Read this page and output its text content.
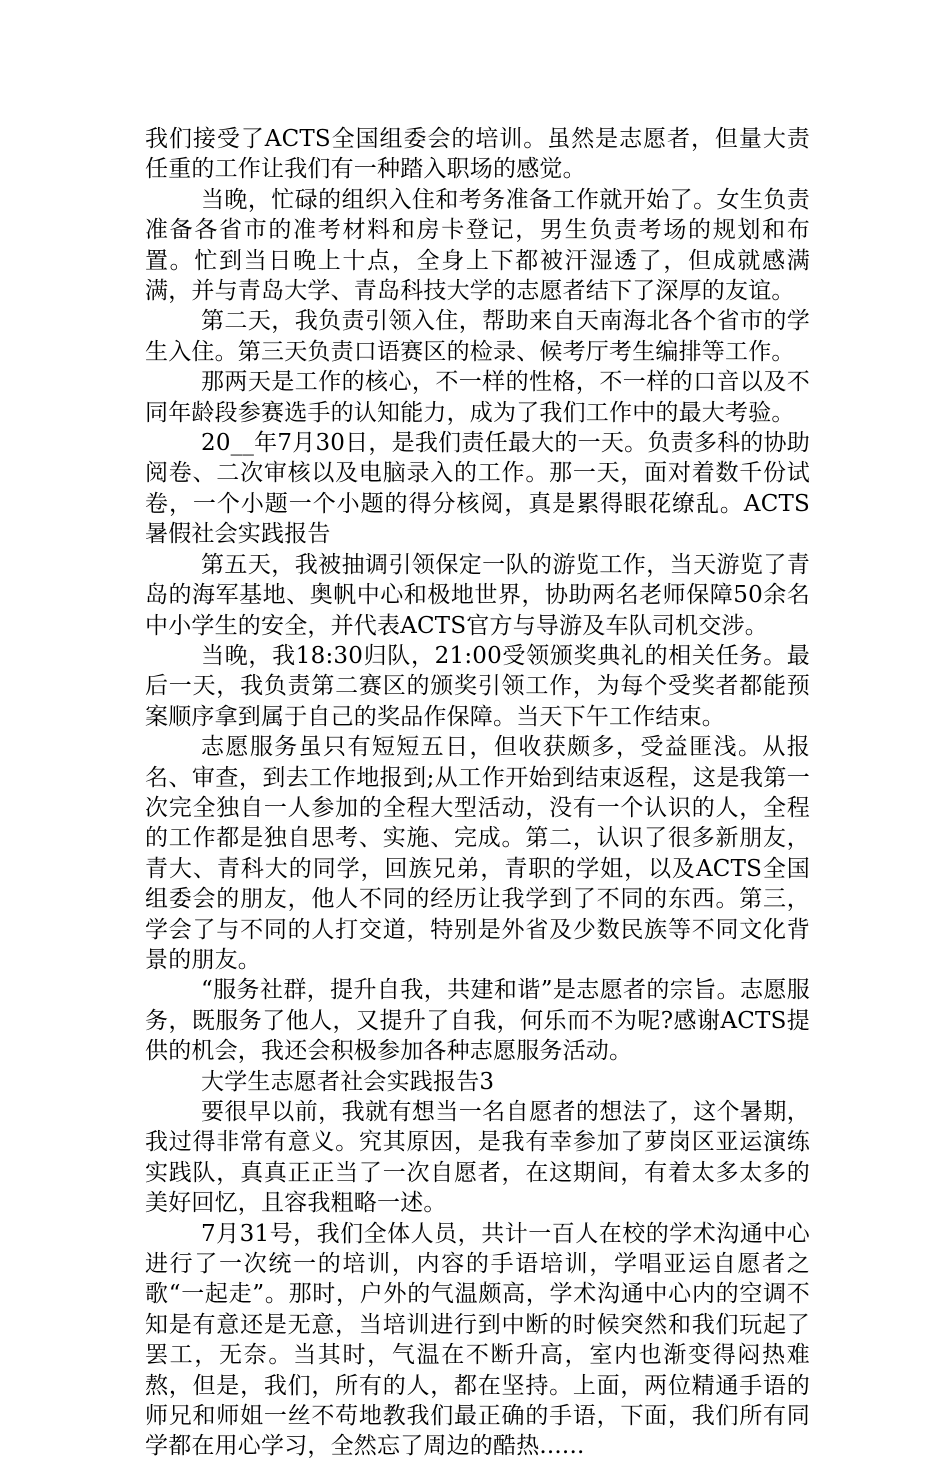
我们接受了ACTS全国组委会的培训。虽然是志愿者，但量大责任重的工作让我们有一种踏入职场的感觉。

当晚，忙碌的组织入住和考务准备工作就开始了。女生负责准备各省市的准考材料和房卡登记，男生负责考场的规划和布置。忙到当日晚上十点，全身上下都被汗湿透了，但成就感满满，并与青岛大学、青岛科技大学的志愿者结下了深厚的友谊。

第二天，我负责引领入住，帮助来自天南海北各个省市的学生入住。第三天负责口语赛区的检录、候考厅考生编排等工作。

那两天是工作的核心，不一样的性格，不一样的口音以及不同年龄段参赛选手的认知能力，成为了我们工作中的最大考验。

20__年7月30日，是我们责任最大的一天。负责多科的协助阅卷、二次审核以及电脑录入的工作。那一天，面对着数千份试卷，一个小题一个小题的得分核阅，真是累得眼花缭乱。ACTS暑假社会实践报告

第五天，我被抽调引领保定一队的游览工作，当天游览了青岛的海军基地、奥帆中心和极地世界，协助两名老师保障50余名中小学生的安全，并代表ACTS官方与导游及车队司机交涉。

当晚，我18:30归队，21:00受领颁奖典礼的相关任务。最后一天，我负责第二赛区的颁奖引领工作，为每个受奖者都能预案顺序拿到属于自己的奖品作保障。当天下午工作结束。

志愿服务虽只有短短五日，但收获颇多，受益匪浅。从报名、审查，到去工作地报到;从工作开始到结束返程，这是我第一次完全独自一人参加的全程大型活动，没有一个认识的人，全程的工作都是独自思考、实施、完成。第二，认识了很多新朋友，青大、青科大的同学，回族兄弟，青职的学姐，以及ACTS全国组委会的朋友，他人不同的经历让我学到了不同的东西。第三，学会了与不同的人打交道，特别是外省及少数民族等不同文化背景的朋友。

“服务社群，提升自我，共建和谐”是志愿者的宗旨。志愿服务，既服务了他人，又提升了自我，何乐而不为呢?感谢ACTS提供的机会，我还会积极参加各种志愿服务活动。

大学生志愿者社会实践报告3

要很早以前，我就有想当一名自愿者的想法了，这个暑期，我过得非常有意义。究其原因，是我有幸参加了萝岗区亚运演练实践队，真真正正当了一次自愿者，在这期间，有着太多太多的美好回忆，且容我粗略一述。

7月31号，我们全体人员，共计一百人在校的学术沟通中心进行了一次统一的培训，内容的手语培训，学唱亚运自愿者之歌“一起走”。那时，户外的气温颇高，学术沟通中心内的空调不知是有意还是无意，当培训进行到中断的时候突然和我们玩起了罢工，无奈。当其时，气温在不断升高，室内也渐变得闷热难熬，但是，我们，所有的人，都在坚持。上面，两位精通手语的师兄和师姐一丝不苟地教我们最正确的手语，下面，我们所有同学都在用心学习，全然忘了周边的酷热......
